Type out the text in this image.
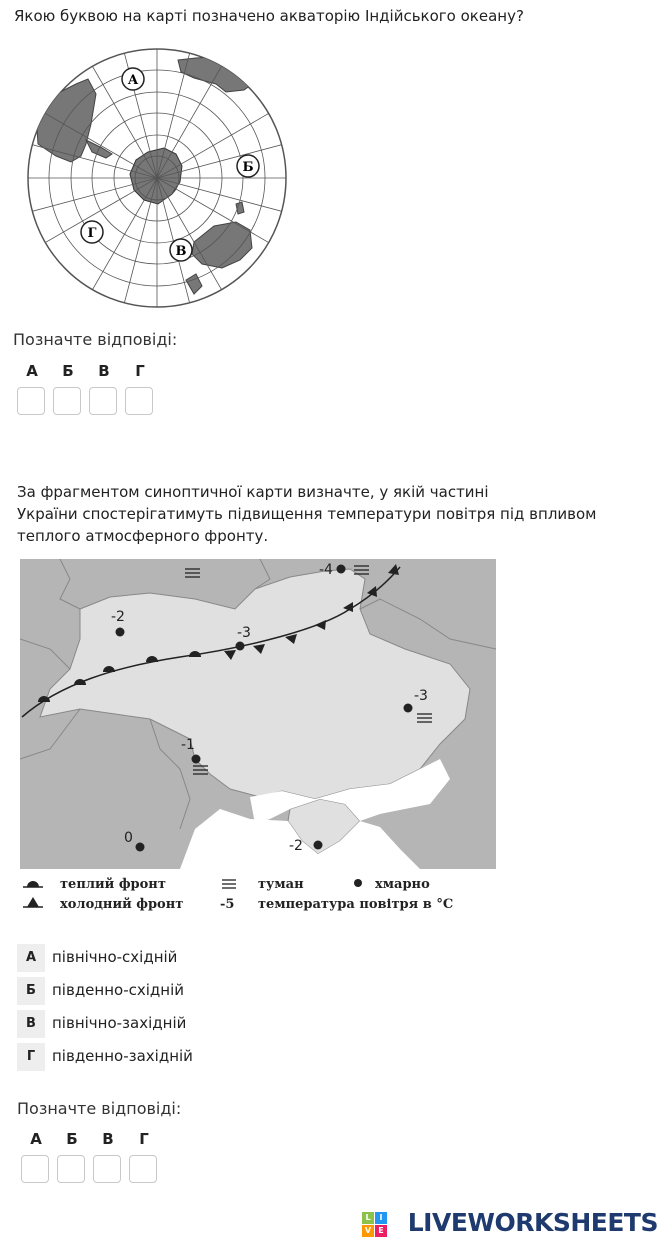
Якою буквою на карті позначено акваторію Індійського океану?
А
Б
В
Г
Позначте відповіді:
А	Б	В	Г
За фрагментом синоптичної карти визначте, у якій частині
України спостерігатимуть підвищення температури повітря під впливом
теплого атмосферного фронту.
-4
-2
-3
-3
-1
0	-2
теплий фронт
холодний фронт
туман
-5 температура повітря в °С
хмарно
А	північно-східній
Б	південно-східній
В	північно-західній
Г	південно-західній
Позначте відповіді:
А	Б	В	Г
L	I
V E LIVEWORKSHEETS
